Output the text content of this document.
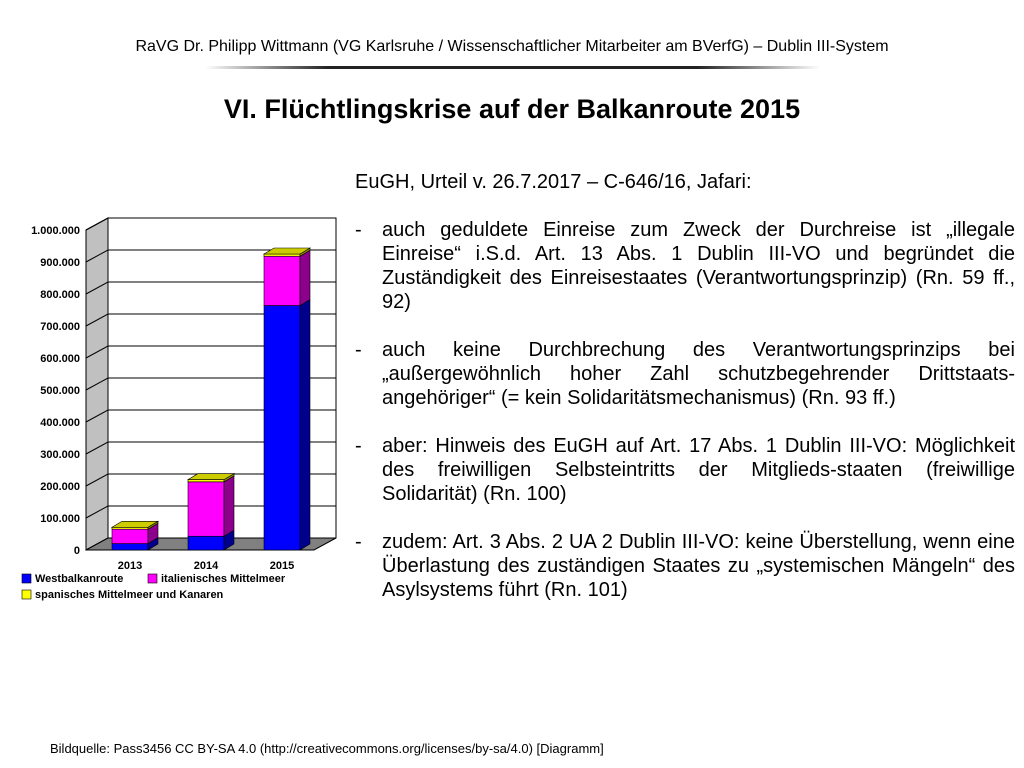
RaVG Dr. Philipp Wittmann (VG Karlsruhe / Wissenschaftlicher Mitarbeiter am BVerfG) – Dublin III-System
VI. Flüchtlingskrise auf der Balkanroute 2015
0
100.000
200.000
300.000
400.000
500.000
600.000
700.000
800.000
900.000
1.000.000
2013	2014	2015
Westbalkanroute	italienisches Mittelmeer
spanisches Mittelmeer und Kanaren
EuGH, Urteil v. 26.7.2017 – C-646/16, Jafari:
- auch geduldete Einreise zum Zweck der Durchreise ist „illegale Einreise“ i.S.d. Art. 13 Abs. 1 Dublin III-VO und begründet die Zuständigkeit des Einreisestaates (Verantwortungsprinzip) (Rn. 59 ff., 92)
- auch keine Durchbrechung des Verantwortungsprinzips bei „außergewöhnlich hoher Zahl schutzbegehrender Drittstaats-angehöriger“ (= kein Solidaritätsmechanismus) (Rn. 93 ff.)
- aber: Hinweis des EuGH auf Art. 17 Abs. 1 Dublin III-VO: Möglichkeit des freiwilligen Selbsteintritts der Mitglieds-staaten (freiwillige Solidarität) (Rn. 100)
- zudem: Art. 3 Abs. 2 UA 2 Dublin III-VO: keine Überstellung, wenn eine Überlastung des zuständigen Staates zu „systemischen Mängeln“ des Asylsystems führt (Rn. 101)
Bildquelle: Pass3456 CC BY-SA 4.0 (http://creativecommons.org/licenses/by-sa/4.0) [Diagramm]
